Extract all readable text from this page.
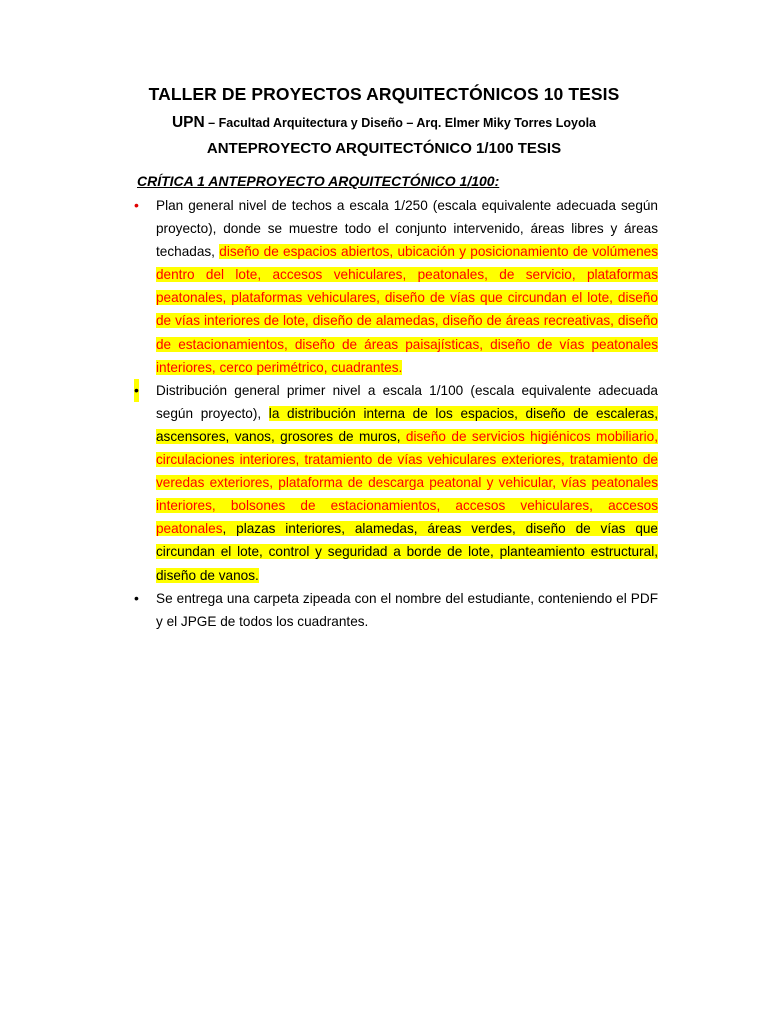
TALLER DE PROYECTOS ARQUITECTÓNICOS 10 TESIS
UPN – Facultad Arquitectura y Diseño – Arq. Elmer Miky Torres Loyola
ANTEPROYECTO ARQUITECTÓNICO 1/100 TESIS
CRÍTICA 1 ANTEPROYECTO ARQUITECTÓNICO 1/100:
• Plan general nivel de techos a escala 1/250 (escala equivalente adecuada según proyecto), donde se muestre todo el conjunto intervenido, áreas libres y áreas techadas, diseño de espacios abiertos, ubicación y posicionamiento de volúmenes dentro del lote, accesos vehiculares, peatonales, de servicio, plataformas peatonales, plataformas vehiculares, diseño de vías que circundan el lote, diseño de vías interiores de lote, diseño de alamedas, diseño de áreas recreativas, diseño de estacionamientos, diseño de áreas paisajísticas, diseño de vías peatonales interiores, cerco perimétrico, cuadrantes.
• Distribución general primer nivel a escala 1/100 (escala equivalente adecuada según proyecto), la distribución interna de los espacios, diseño de escaleras, ascensores, vanos, grosores de muros, diseño de servicios higiénicos mobiliario, circulaciones interiores, tratamiento de vías vehiculares exteriores, tratamiento de veredas exteriores, plataforma de descarga peatonal y vehicular, vías peatonales interiores, bolsones de estacionamientos, accesos vehiculares, accesos peatonales, plazas interiores, alamedas, áreas verdes, diseño de vías que circundan el lote, control y seguridad a borde de lote, planteamiento estructural, diseño de vanos.
• Se entrega una carpeta zipeada con el nombre del estudiante, conteniendo el PDF y el JPGE de todos los cuadrantes.
